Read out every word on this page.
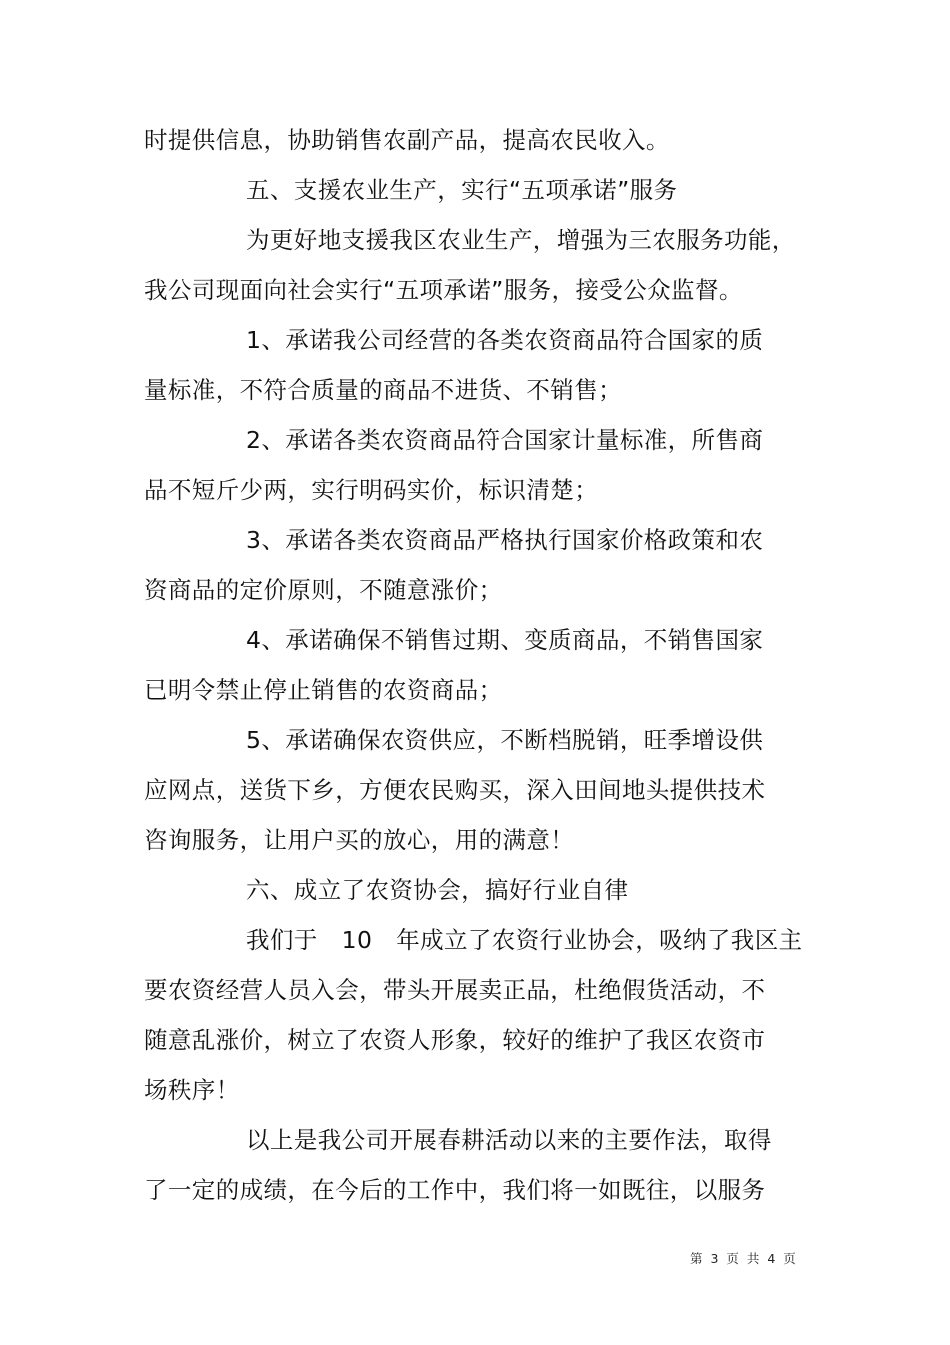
时提供信息，协助销售农副产品，提高农民收入。
五、支援农业生产，实行“五项承诺”服务
为更好地支援我区农业生产，增强为三农服务功能，
我公司现面向社会实行“五项承诺”服务，接受公众监督。
1、承诺我公司经营的各类农资商品符合国家的质
量标准，不符合质量的商品不进货、不销售；
2、承诺各类农资商品符合国家计量标准，所售商
品不短斤少两，实行明码实价，标识清楚；
3、承诺各类农资商品严格执行国家价格政策和农
资商品的定价原则，不随意涨价；
4、承诺确保不销售过期、变质商品，不销售国家
已明令禁止停止销售的农资商品；
5、承诺确保农资供应，不断档脱销，旺季增设供
应网点，送货下乡，方便农民购买，深入田间地头提供技术
咨询服务，让用户买的放心，用的满意！
六、成立了农资协会，搞好行业自律
我们于　10　年成立了农资行业协会，吸纳了我区主
要农资经营人员入会，带头开展卖正品，杜绝假货活动，不
随意乱涨价，树立了农资人形象，较好的维护了我区农资市
场秩序！
以上是我公司开展春耕活动以来的主要作法，取得
了一定的成绩，在今后的工作中，我们将一如既往，以服务
第 3 页 共 4 页
